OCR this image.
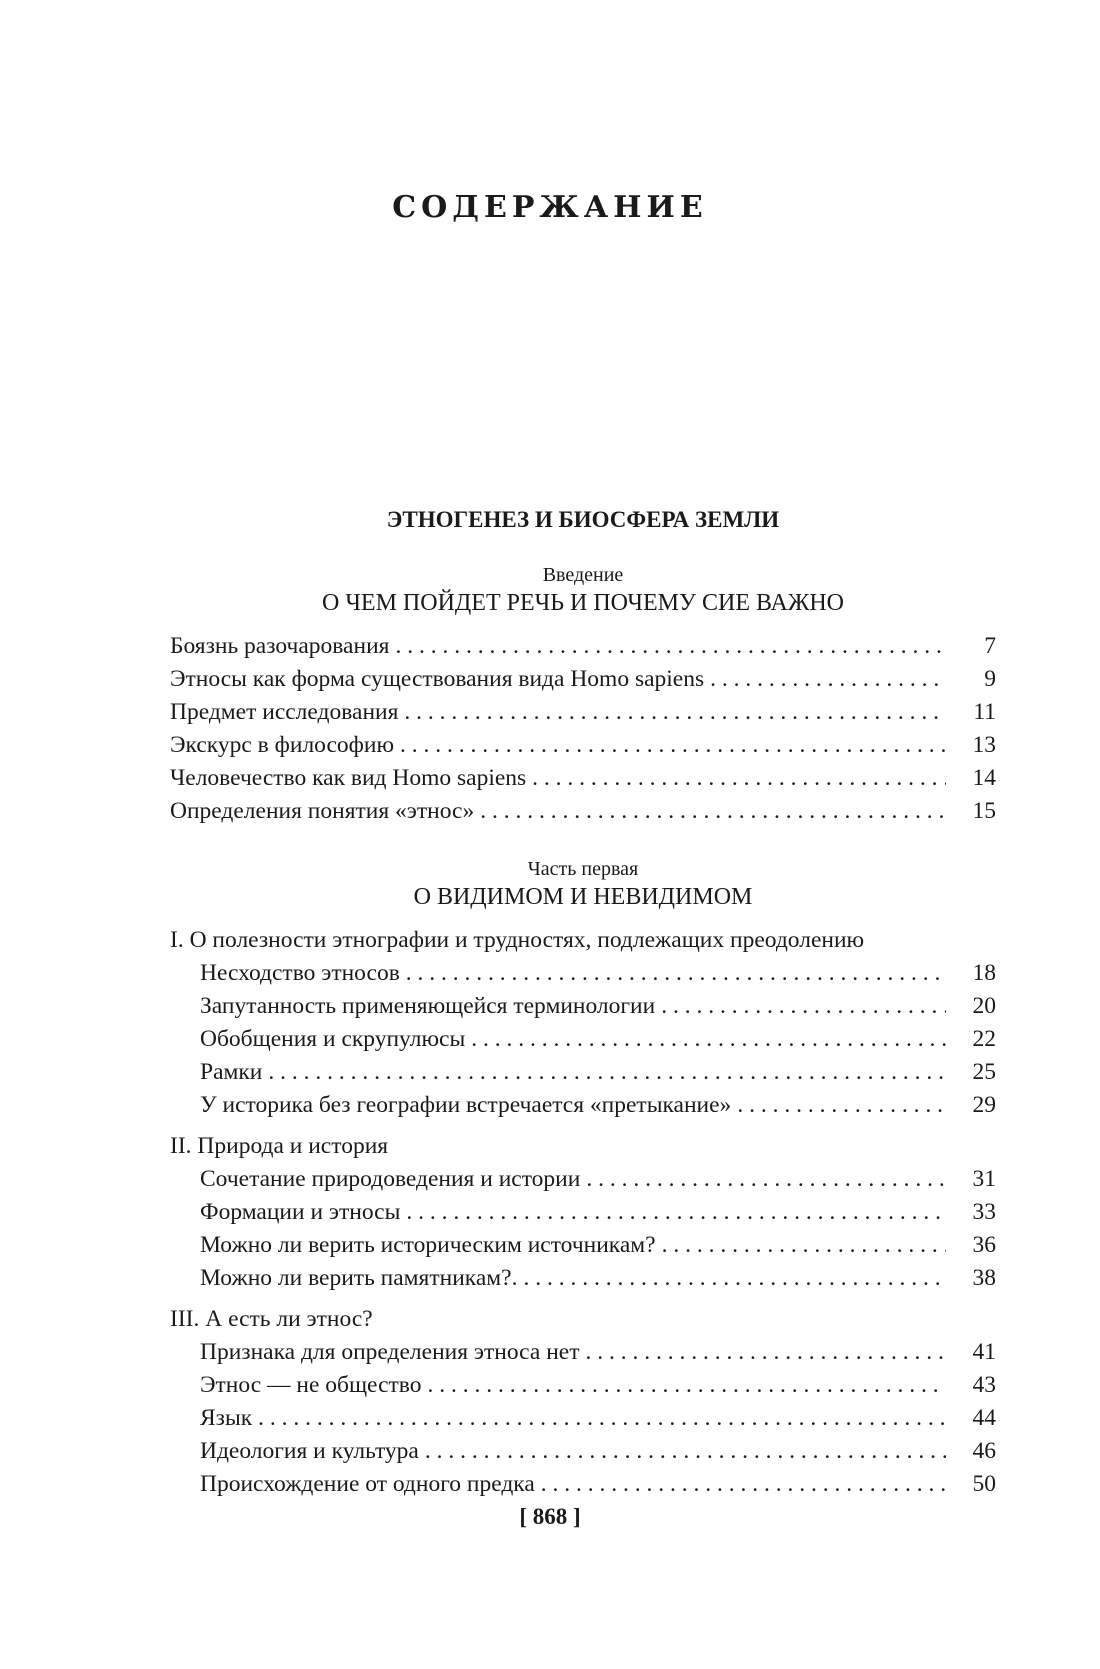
СОДЕРЖАНИЕ
ЭТНОГЕНЕЗ И БИОСФЕРА ЗЕМЛИ
Введение
О ЧЕМ ПОЙДЕТ РЕЧЬ И ПОЧЕМУ СИЕ ВАЖНО
Боязнь разочарования . . .	7
Этносы как форма существования вида Homo sapiens . . .	9
Предмет исследования . . .	11
Экскурс в философию . . .	13
Человечество как вид Homo sapiens . . .	14
Определения понятия «этнос» . . .	15
Часть первая
О ВИДИМОМ И НЕВИДИМОМ
I. О полезности этнографии и трудностях, подлежащих преодолению
Несходство этносов . . .	18
Запутанность применяющейся терминологии . . .	20
Обобщения и скрупулюсы . . .	22
Рамки . . .	25
У историка без географии встречается «претыкание» . . .	29
II. Природа и история
Сочетание природоведения и истории . . .	31
Формации и этносы . . .	33
Можно ли верить историческим источникам? . . .	36
Можно ли верить памятникам?. . . .	38
III. А есть ли этнос?
Признака для определения этноса нет . . .	41
Этнос — не общество . . .	43
Язык . . .	44
Идеология и культура . . .	46
Происхождение от одного предка . . .	50
[ 868 ]
